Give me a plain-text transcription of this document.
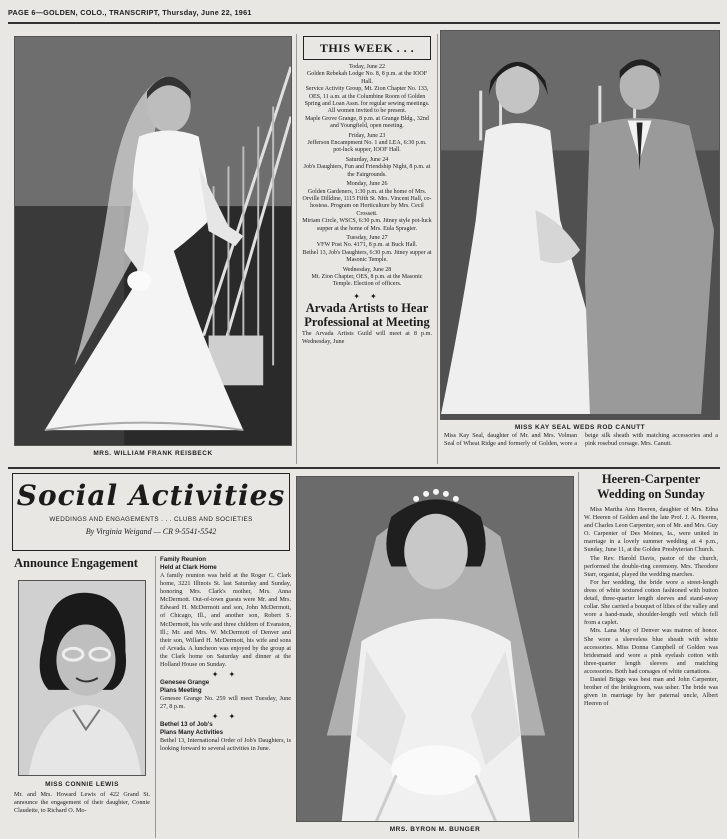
PAGE 6—GOLDEN, COLO., TRANSCRIPT, Thursday, June 22, 1961
MRS. WILLIAM FRANK REISBECK
THIS WEEK . . .

Today, June 22

Golden Rebekah Lodge No. 8, 8 p.m. at the IOOF Hall.

Service Activity Group, Mt. Zion Chapter No. 133, OES, 11 a.m. at the Columbine Room of Golden Spring and Loan Assn. for regular sewing meetings. All women invited to be present.

Maple Grove Grange, 8 p.m. at Grange Bldg., 32nd and Youngfield, open meeting.

Friday, June 23

Jefferson Encampment No. 1 and LEA, 6:30 p.m. pot-luck supper, IOOF Hall.

Saturday, June 24

Job's Daughters, Fun and Friendship Night, 8 p.m. at the Fairgrounds.

Monday, June 26

Golden Gardeners, 1:30 p.m. at the home of Mrs. Orville Dilldine, 1115 Fifth St. Mrs. Vincent Hall, co-hostess. Program on Horticulture by Mrs. Cecil Crossett.

Miriam Circle, WSCS, 6:30 p.m. Jitney style pot-luck supper at the home of Mrs. Eula Spragier.

Tuesday, June 27

VFW Post No. 4171, 8 p.m. at Buck Hall.

Bethel 13, Job's Daughters, 6:30 p.m. Jitney supper at Masonic Temple.

Wednesday, June 28

Mt. Zion Chapter, OES, 8 p.m. at the Masonic Temple. Election of officers.

✦ ✦
Arvada Artists to Hear Professional at Meeting

The Arvada Artists Guild will meet at 8 p.m. Wednesday, June

MISS KAY SEAL WEDS ROD CANUTT

Miss Kay Seal, daughter of Mr. and Mrs. Volman Seal of Wheat Ridge and formerly of Golden, wore a beige silk sheath with matching accessories and a pink rosebud corsage. Mrs. Canutt.

Social Activities
WEDDINGS AND ENGAGEMENTS . . . CLUBS AND SOCIETIES
By Virginia Weigand — CR 9-5541-5542
Announce Engagement
MISS CONNIE LEWIS

Mr. and Mrs. Howard Lewis of 422 Grand St. announce the engagement of their daughter, Connie Claudette, to Richard O. Mo-

Family Reunion
Held at Clark Home

A family reunion was held at the Roger C. Clark home, 3221 Illinois St. last Saturday and Sunday, honoring Mrs. Clark's mother, Mrs. Anna McDermott. Out-of-town guests were Mr. and Mrs. Edward H. McDermott and son, John McDermott, of Chicago, Ill., and another son, Robert S. McDermott, his wife and three children of Evanston, Ill.; Mr. and Mrs. W. McDermott of Denver and their son, Willard H. McDermott, his wife and sons of Arvada. A luncheon was enjoyed by the group at the Clark home on Saturday and dinner at the Holland House on Sunday.

✦ ✦

Genesee Grange
Plans Meeting

Genesee Grange No. 259 will meet Tuesday, June 27, 8 p.m.

✦ ✦

Bethel 13 of Job's
Plans Many Activities

Bethel 13, International Order of Job's Daughters, is looking forward to several activities in June.

MRS. BYRON M. BUNGER
Heeren-Carpenter Wedding on Sunday

Miss Martha Ann Heeren, daughter of Mrs. Edna W. Heeren of Golden and the late Prof. J. A. Heeren, and Charles Leon Carpenter, son of Mr. and Mrs. Guy O. Carpenter of Des Moines, Ia., were united in marriage in a lovely summer wedding at 4 p.m., Sunday, June 11, at the Golden Presbyterian Church.

The Rev. Harold Davis, pastor of the church, performed the double-ring ceremony. Mrs. Theodore Starr, organist, played the wedding marches.

For her wedding, the bride wore a street-length dress of white textured cotton fashioned with button detail, three-quarter length sleeves and stand-away collar. She carried a bouquet of lilies of the valley and wore a hand-made, shoulder-length veil which fell from a caplet.

Mrs. Lana May of Denver was matron of honor. She wore a sleeveless blue sheath with white accessories. Miss Donna Campbell of Golden was bridesmaid and wore a pink eyelash cotton with three-quarter length sleeves and matching accessories. Both had corsages of white carnations.

Daniel Briggs was best man and John Carpenter, brother of the bridegroom, was usher. The bride was given in marriage by her paternal uncle, Albert Heeren of
